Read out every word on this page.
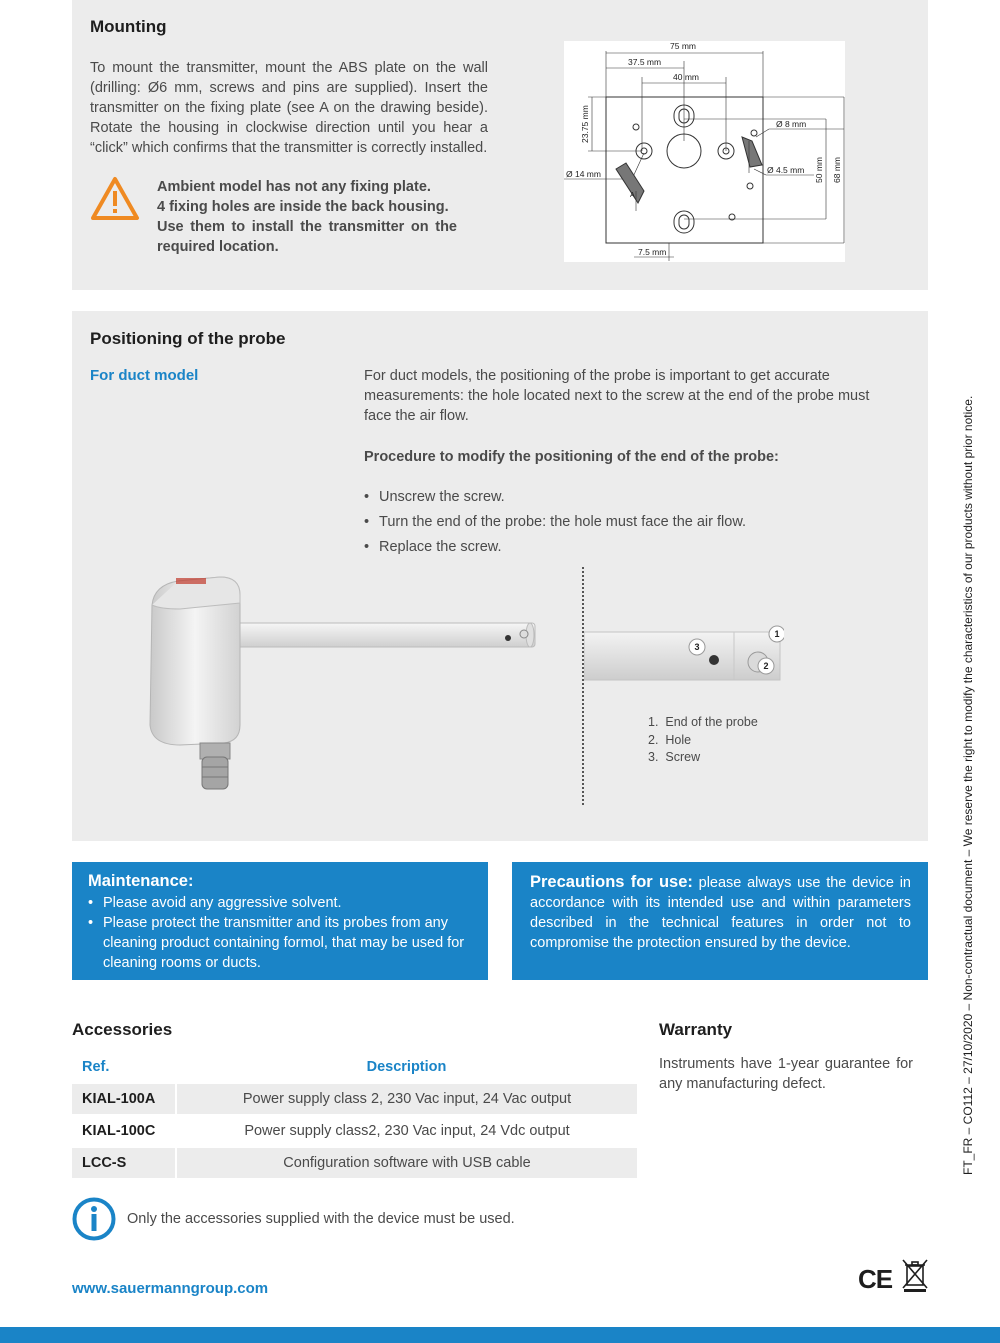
Mounting
To mount the transmitter, mount the ABS plate on the wall (drilling: Ø6 mm, screws and pins are supplied). Insert the transmitter on the fixing plate (see A on the drawing beside). Rotate the housing in clockwise direction until you hear a “click” which confirms that the transmitter is correctly installed.
Ambient model has not any fixing plate.
4 fixing holes are inside the back housing.
Use them to install the transmitter on the required location.
75 mm
37.5 mm
40 mm
23.75 mm	Ø 8 mm
Ø 14 mm	Ø 4.5 mm 50 mm 68 mm
7.5 mm
A
Positioning of the probe
For duct model	For duct models, the positioning of the probe is important to get accurate measurements: the hole located next to the screw at the end of the probe must face the air flow.
Procedure to modify the positioning of the end of the probe:
• Unscrew the screw.
• Turn the end of the probe: the hole must face the air flow.
• Replace the screw.
1
2
3
1.  End of the probe
2.  Hole
3.  Screw
Maintenance:
• Please avoid any aggressive solvent.
• Please protect the transmitter and its probes from any cleaning product containing formol, that may be used for cleaning rooms or ducts.
Precautions for use: please always use the device in accordance with its intended use and within parameters described in the technical features in order not to compromise the protection ensured by the device.
Accessories
Ref.	Description
KIAL-100A	Power supply class 2, 230 Vac input, 24 Vac output
KIAL-100C	Power supply class2, 230 Vac input, 24 Vdc output
LCC-S	Configuration software with USB cable
Only the accessories supplied with the device must be used.
Warranty
Instruments have 1-year guarantee for any manufacturing defect.
www.sauermanngroup.com	CE
FT_FR – CO112 – 27/10/2020 – Non-contractual document – We reserve the right to modify the characteristics of our products without prior notice.
